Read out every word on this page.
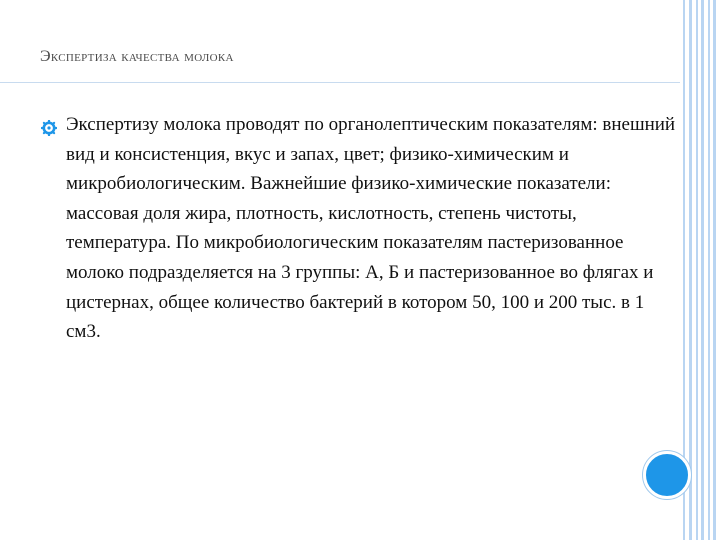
Экспертиза качества молока
Экспертизу молока проводят по органолептическим показателям: внешний вид и консистенция, вкус и запах, цвет; физико-химическим и микробиологическим. Важнейшие физико-химические показатели: массовая доля жира, плотность, кислотность, степень чистоты, температура. По микробиологическим показателям пастеризованное молоко подразделяется на 3 группы: А, Б и пастеризованное во флягах и цистернах, общее количество бактерий в котором 50, 100 и 200 тыс. в 1 см3.
